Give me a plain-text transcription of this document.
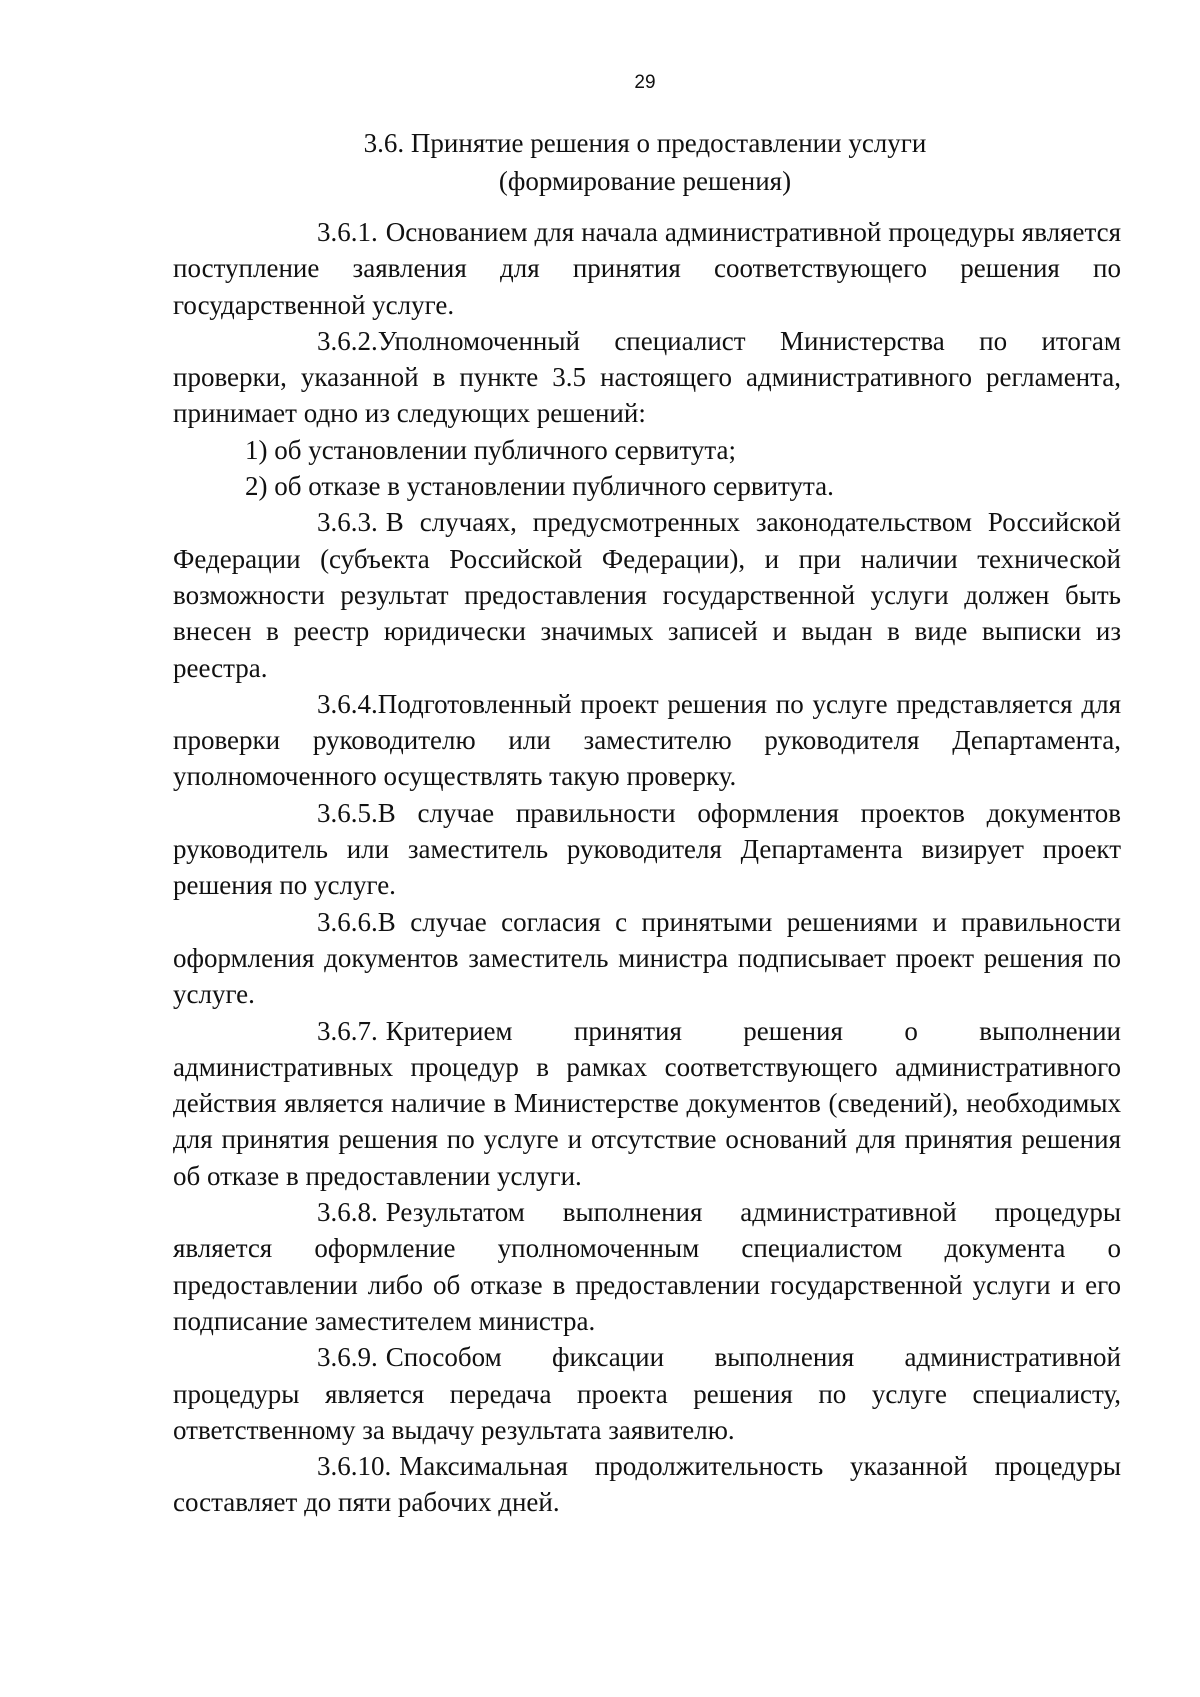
29
3.6. Принятие решения о предоставлении услуги
(формирование решения)

3.6.1. Основанием для начала административной процедуры является поступление заявления для принятия соответствующего решения по государственной услуге.

3.6.2.Уполномоченный специалист Министерства по итогам проверки, указанной в пункте 3.5 настоящего административного регламента, принимает одно из следующих решений:

1) об установлении публичного сервитута;

2) об отказе в установлении публичного сервитута.

3.6.3. В случаях, предусмотренных законодательством Российской Федерации (субъекта Российской Федерации), и при наличии технической возможности результат предоставления государственной услуги должен быть внесен в реестр юридически значимых записей и выдан в виде выписки из реестра.

3.6.4.Подготовленный проект решения по услуге представляется для проверки руководителю или заместителю руководителя Департамента, уполномоченного осуществлять такую проверку.

3.6.5.В случае правильности оформления проектов документов руководитель или заместитель руководителя Департамента визирует проект решения по услуге.

3.6.6.В случае согласия с принятыми решениями и правильности оформления документов заместитель министра подписывает проект решения по услуге.

3.6.7. Критерием принятия решения о выполнении административных процедур в рамках соответствующего административного действия является наличие в Министерстве документов (сведений), необходимых для принятия решения по услуге и отсутствие оснований для принятия решения об отказе в предоставлении услуги.

3.6.8. Результатом выполнения административной процедуры является оформление уполномоченным специалистом документа о предоставлении либо об отказе в предоставлении государственной услуги и его подписание заместителем министра.

3.6.9. Способом фиксации выполнения административной процедуры является передача проекта решения по услуге специалисту, ответственному за выдачу результата заявителю.

3.6.10. Максимальная продолжительность указанной процедуры составляет до пяти рабочих дней.
